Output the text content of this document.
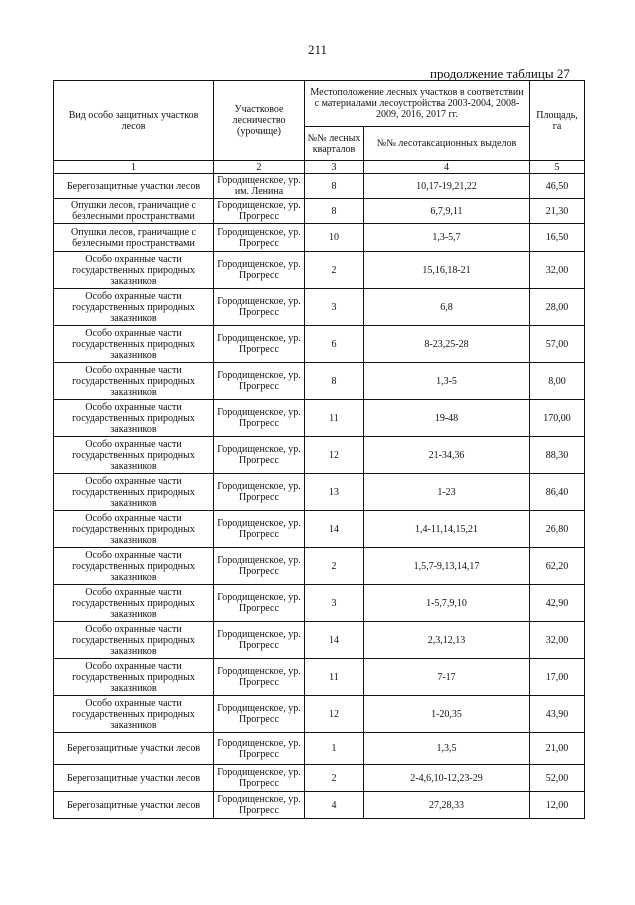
211
продолжение таблицы 27
Вид особо защитных участков лесов	Участковое лесничество (урочище)	Местоположение лесных участков в соответствии с материалами лесоустройства 2003-2004, 2008-2009, 2016, 2017 гг.		Площадь, га
		№№ лесных кварталов	№№ лесотаксационных выделов	
1	2	3	4	5
Берегозащитные участки лесов	Городищенское, ур. им. Ленина	8	10,17-19,21,22	46,50
Опушки лесов, граничащие с безлесными пространствами	Городищенское, ур. Прогресс	8	6,7,9,11	21,30
Опушки лесов, граничащие с безлесными пространствами	Городищенское, ур. Прогресс	10	1,3-5,7	16,50
Особо охранные части государственных природных заказников	Городищенское, ур. Прогресс	2	15,16,18-21	32,00
Особо охранные части государственных природных заказников	Городищенское, ур. Прогресс	3	6,8	28,00
Особо охранные части государственных природных заказников	Городищенское, ур. Прогресс	6	8-23,25-28	57,00
Особо охранные части государственных природных заказников	Городищенское, ур. Прогресс	8	1,3-5	8,00
Особо охранные части государственных природных заказников	Городищенское, ур. Прогресс	11	19-48	170,00
Особо охранные части государственных природных заказников	Городищенское, ур. Прогресс	12	21-34,36	88,30
Особо охранные части государственных природных заказников	Городищенское, ур. Прогресс	13	1-23	86,40
Особо охранные части государственных природных заказников	Городищенское, ур. Прогресс	14	1,4-11,14,15,21	26,80
Особо охранные части государственных природных заказников	Городищенское, ур. Прогресс	2	1,5,7-9,13,14,17	62,20
Особо охранные части государственных природных заказников	Городищенское, ур. Прогресс	3	1-5,7,9,10	42,90
Особо охранные части государственных природных заказников	Городищенское, ур. Прогресс	14	2,3,12,13	32,00
Особо охранные части государственных природных заказников	Городищенское, ур. Прогресс	11	7-17	17,00
Особо охранные части государственных природных заказников	Городищенское, ур. Прогресс	12	1-20,35	43,90
Берегозащитные участки лесов	Городищенское, ур. Прогресс	1	1,3,5	21,00
Берегозащитные участки лесов	Городищенское, ур. Прогресс	2	2-4,6,10-12,23-29	52,00
Берегозащитные участки лесов	Городищенское, ур. Прогресс	4	27,28,33	12,00
